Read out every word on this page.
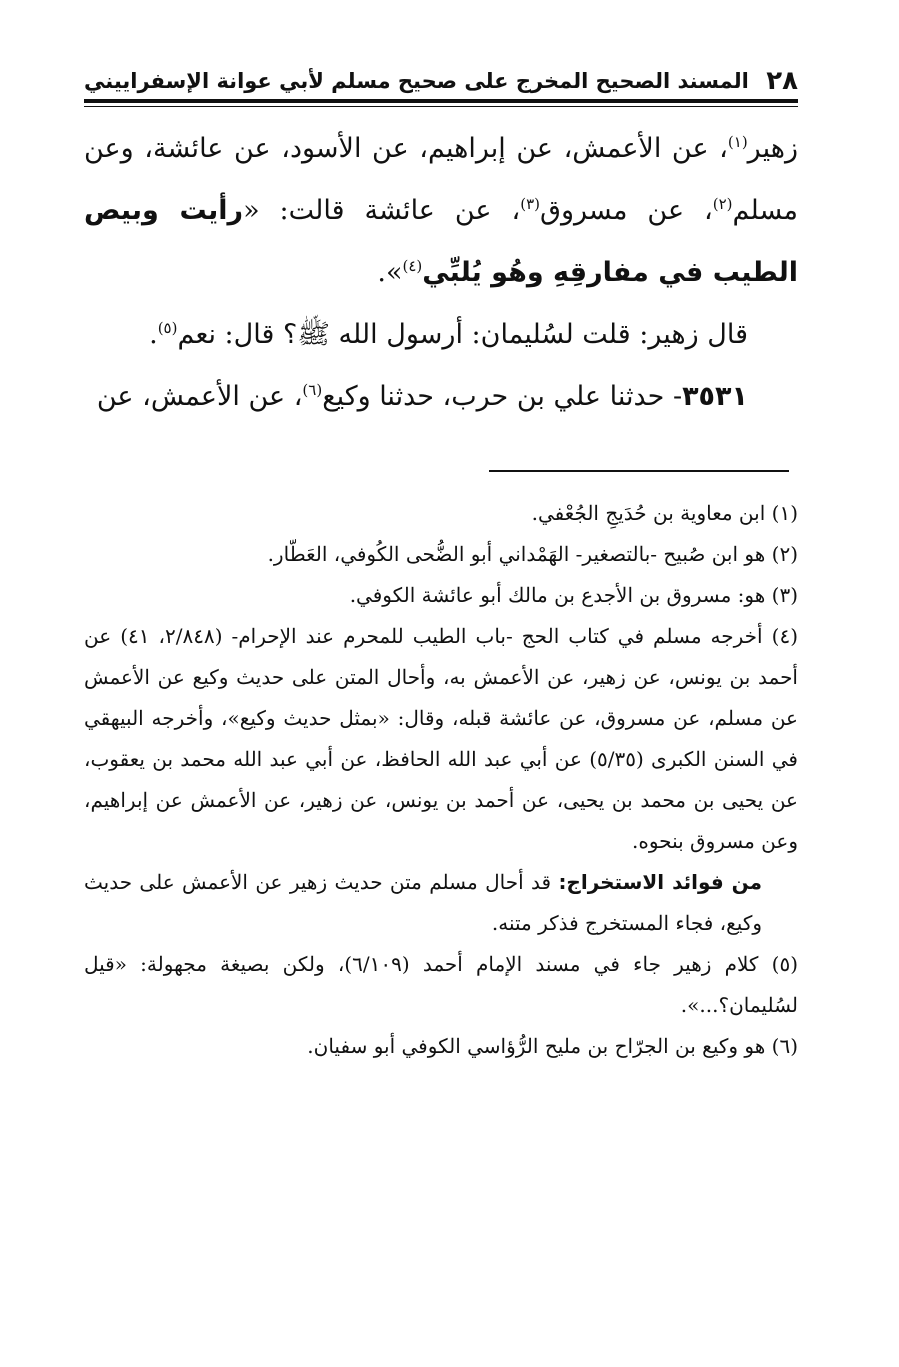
٢٨
المسند الصحيح المخرج على صحيح مسلم لأبي عوانة الإسفراييني

زهير$^{(١)}$، عن الأعمش، عن إبراهيم، عن الأسود، عن عائشة، وعن مسلم$^{(٢)}$، عن مسروق$^{(٣)}$، عن عائشة قالت: «رأيت وبيص الطيب في مفارقِهِ وهُو يُلبِّي$^{(٤)}$».

قال زهير: قلت لسُليمان: أرسول الله ﷺ؟ قال: نعم$^{(٥)}$.

٣٥٣١- حدثنا علي بن حرب، حدثنا وكيع$^{(٦)}$، عن الأعمش، عن

(١) ابن معاوية بن حُدَيجِ الجُعْفي.

(٢) هو ابن صُبيح -بالتصغير- الهَمْداني أبو الضُّحى الكُوفي، العَطّار.

(٣) هو: مسروق بن الأجدع بن مالك أبو عائشة الكوفي.

(٤) أخرجه مسلم في كتاب الحج -باب الطيب للمحرم عند الإحرام- (٢/٨٤٨، ٤١) عن أحمد بن يونس، عن زهير، عن الأعمش به، وأحال المتن على حديث وكيع عن الأعمش عن مسلم، عن مسروق، عن عائشة قبله، وقال: «بمثل حديث وكيع»، وأخرجه البيهقي في السنن الكبرى (٥/٣٥) عن أبي عبد الله الحافظ، عن أبي عبد الله محمد بن يعقوب، عن يحيى بن محمد بن يحيى، عن أحمد بن يونس، عن زهير، عن الأعمش عن إبراهيم، وعن مسروق بنحوه.

من فوائد الاستخراج: قد أحال مسلم متن حديث زهير عن الأعمش على حديث وكيع، فجاء المستخرج فذكر متنه.

(٥) كلام زهير جاء في مسند الإمام أحمد (٦/١٠٩)، ولكن بصيغة مجهولة: «قيل لسُليمان؟...».

(٦) هو وكيع بن الجرّاح بن مليح الرُّؤاسي الكوفي أبو سفيان.
